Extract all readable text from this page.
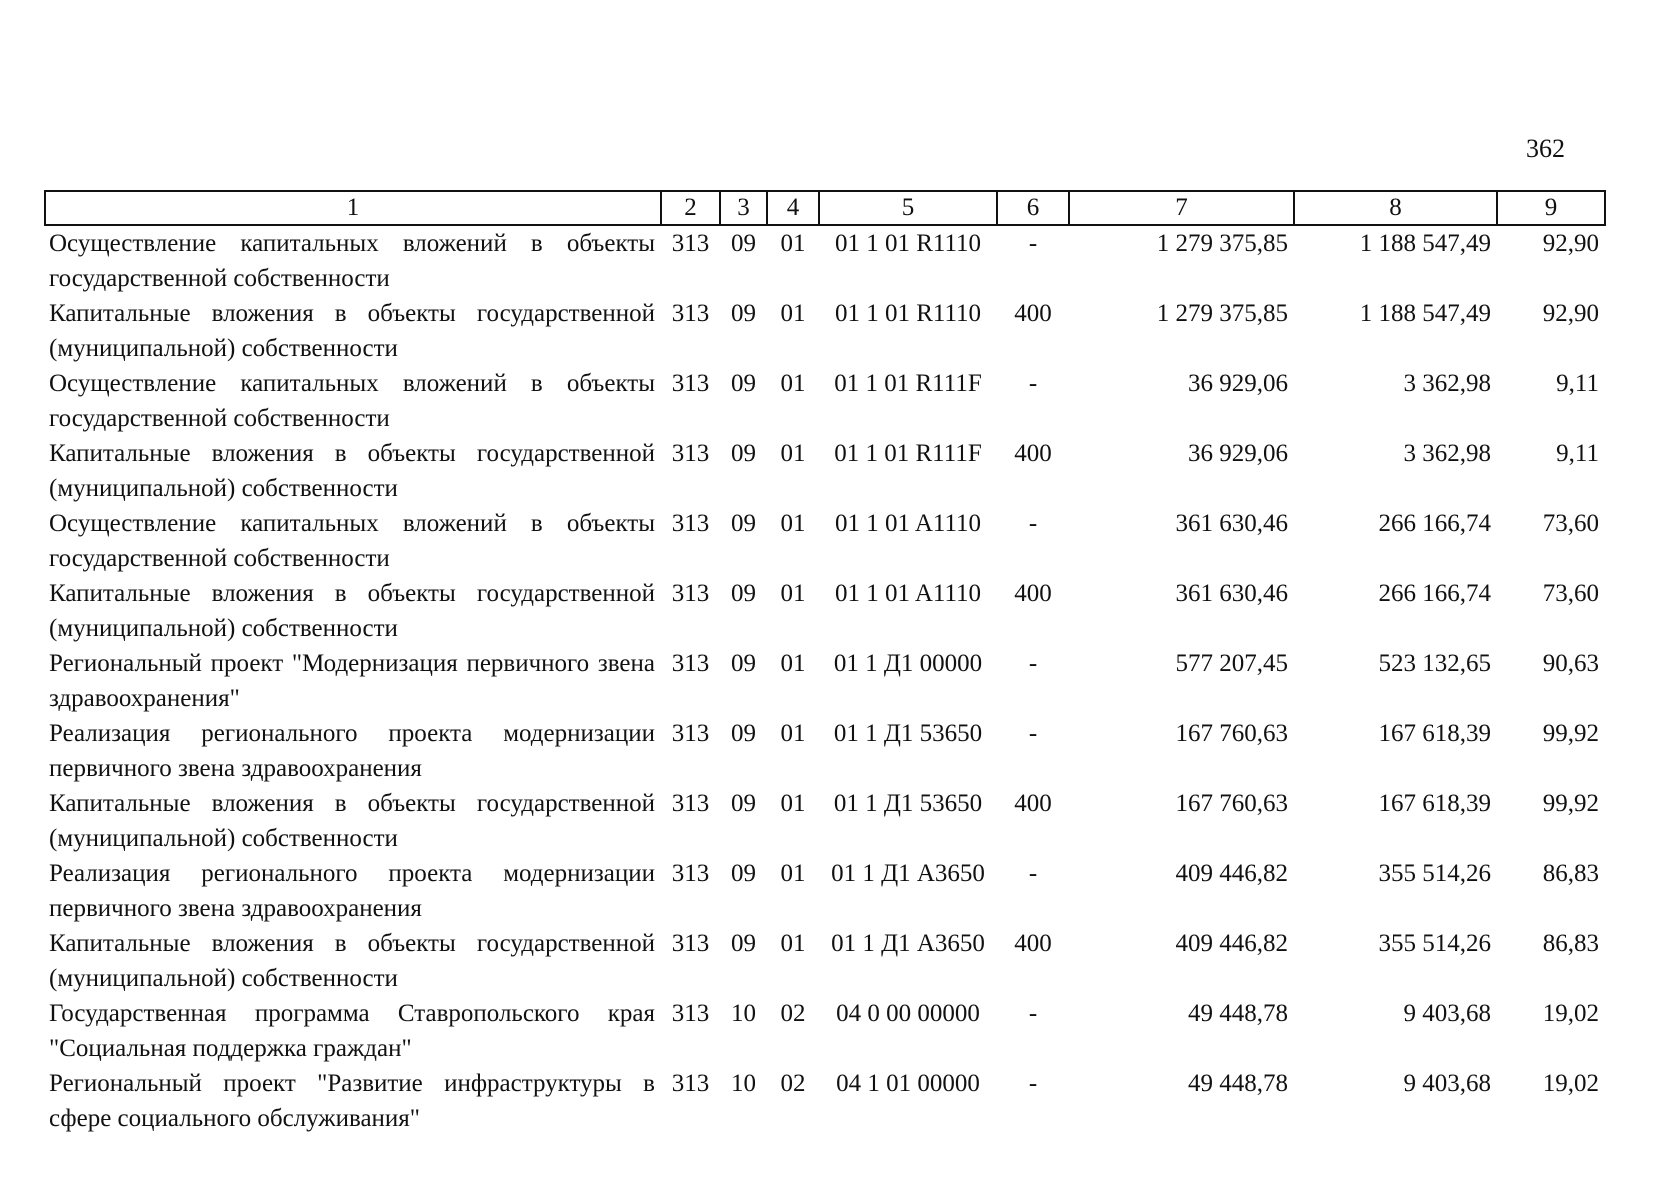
362
1	2	3	4	5	6	7	8	9
Осуществление капитальных вложений в объекты государственной собственности	313	09	01	01 1 01 R1110	-	1 279 375,85	1 188 547,49	92,90
Капитальные вложения в объекты государственной (муниципальной) собственности	313	09	01	01 1 01 R1110	400	1 279 375,85	1 188 547,49	92,90
Осуществление капитальных вложений в объекты государственной собственности	313	09	01	01 1 01 R111F	-	36 929,06	3 362,98	9,11
Капитальные вложения в объекты государственной (муниципальной) собственности	313	09	01	01 1 01 R111F	400	36 929,06	3 362,98	9,11
Осуществление капитальных вложений в объекты государственной собственности	313	09	01	01 1 01 A1110	-	361 630,46	266 166,74	73,60
Капитальные вложения в объекты государственной (муниципальной) собственности	313	09	01	01 1 01 A1110	400	361 630,46	266 166,74	73,60
Региональный проект "Модернизация первичного звена здравоохранения"	313	09	01	01 1 Д1 00000	-	577 207,45	523 132,65	90,63
Реализация регионального проекта модернизации первичного звена здравоохранения	313	09	01	01 1 Д1 53650	-	167 760,63	167 618,39	99,92
Капитальные вложения в объекты государственной (муниципальной) собственности	313	09	01	01 1 Д1 53650	400	167 760,63	167 618,39	99,92
Реализация регионального проекта модернизации первичного звена здравоохранения	313	09	01	01 1 Д1 A3650	-	409 446,82	355 514,26	86,83
Капитальные вложения в объекты государственной (муниципальной) собственности	313	09	01	01 1 Д1 A3650	400	409 446,82	355 514,26	86,83
Государственная программа Ставропольского края "Социальная поддержка граждан"	313	10	02	04 0 00 00000	-	49 448,78	9 403,68	19,02
Региональный проект "Развитие инфраструктуры в сфере социального обслуживания"	313	10	02	04 1 01 00000	-	49 448,78	9 403,68	19,02
